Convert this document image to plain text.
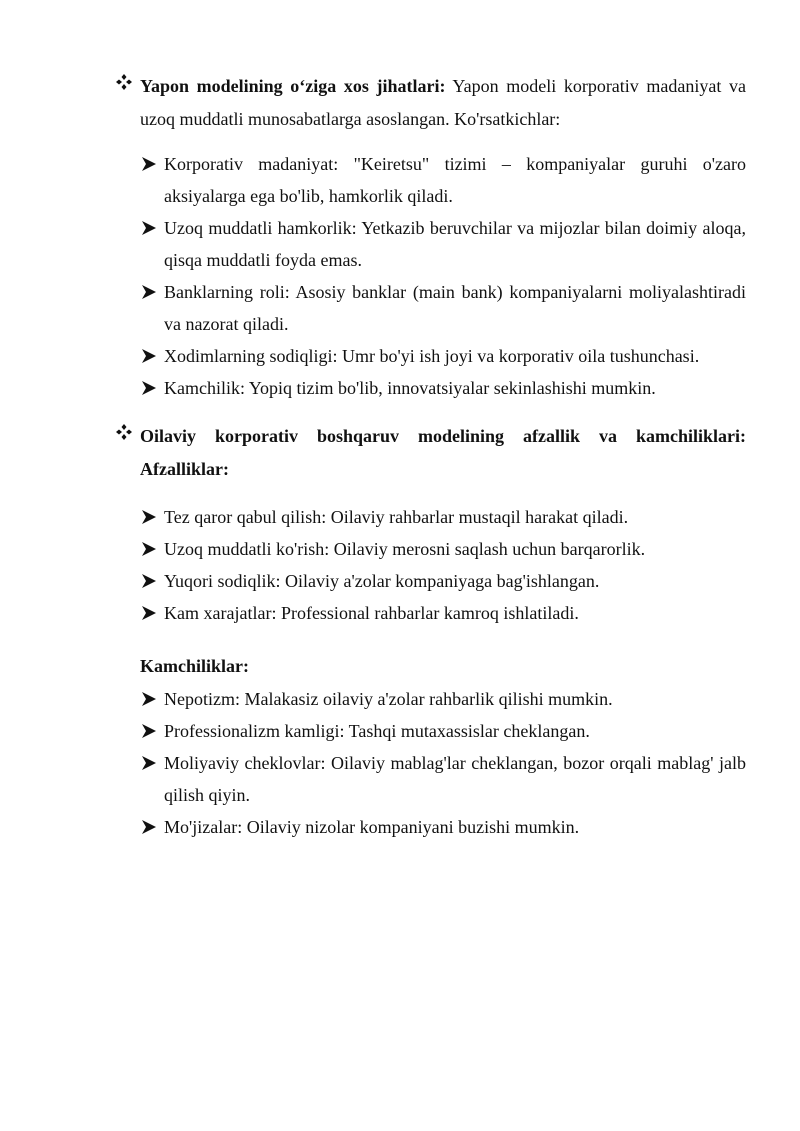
Yapon modelining o‘ziga xos jihatlari: Yapon modeli korporativ madaniyat va uzoq muddatli munosabatlarga asoslangan. Ko'rsatkichlar:
Korporativ madaniyat: "Keiretsu" tizimi – kompaniyalar guruhi o'zaro aksiyalarga ega bo'lib, hamkorlik qiladi.
Uzoq muddatli hamkorlik: Yetkazib beruvchilar va mijozlar bilan doimiy aloqa, qisqa muddatli foyda emas.
Banklarning roli: Asosiy banklar (main bank) kompaniyalarni moliyalashtiradi va nazorat qiladi.
Xodimlarning sodiqligi: Umr bo'yi ish joyi va korporativ oila tushunchasi.
Kamchilik: Yopiq tizim bo'lib, innovatsiyalar sekinlashishi mumkin.
Oilaviy korporativ boshqaruv modelining afzallik va kamchiliklari: Afzalliklar:
Tez qaror qabul qilish: Oilaviy rahbarlar mustaqil harakat qiladi.
Uzoq muddatli ko'rish: Oilaviy merosni saqlash uchun barqarorlik.
Yuqori sodiqlik: Oilaviy a'zolar kompaniyaga bag'ishlangan.
Kam xarajatlar: Professional rahbarlar kamroq ishlatiladi.
Kamchiliklar:
Nepotizm: Malakasiz oilaviy a'zolar rahbarlik qilishi mumkin.
Professionalizm kamligi: Tashqi mutaxassislar cheklangan.
Moliyaviy cheklovlar: Oilaviy mablag'lar cheklangan, bozor orqali mablag' jalb qilish qiyin.
Mo'jizalar: Oilaviy nizolar kompaniyani buzishi mumkin.
